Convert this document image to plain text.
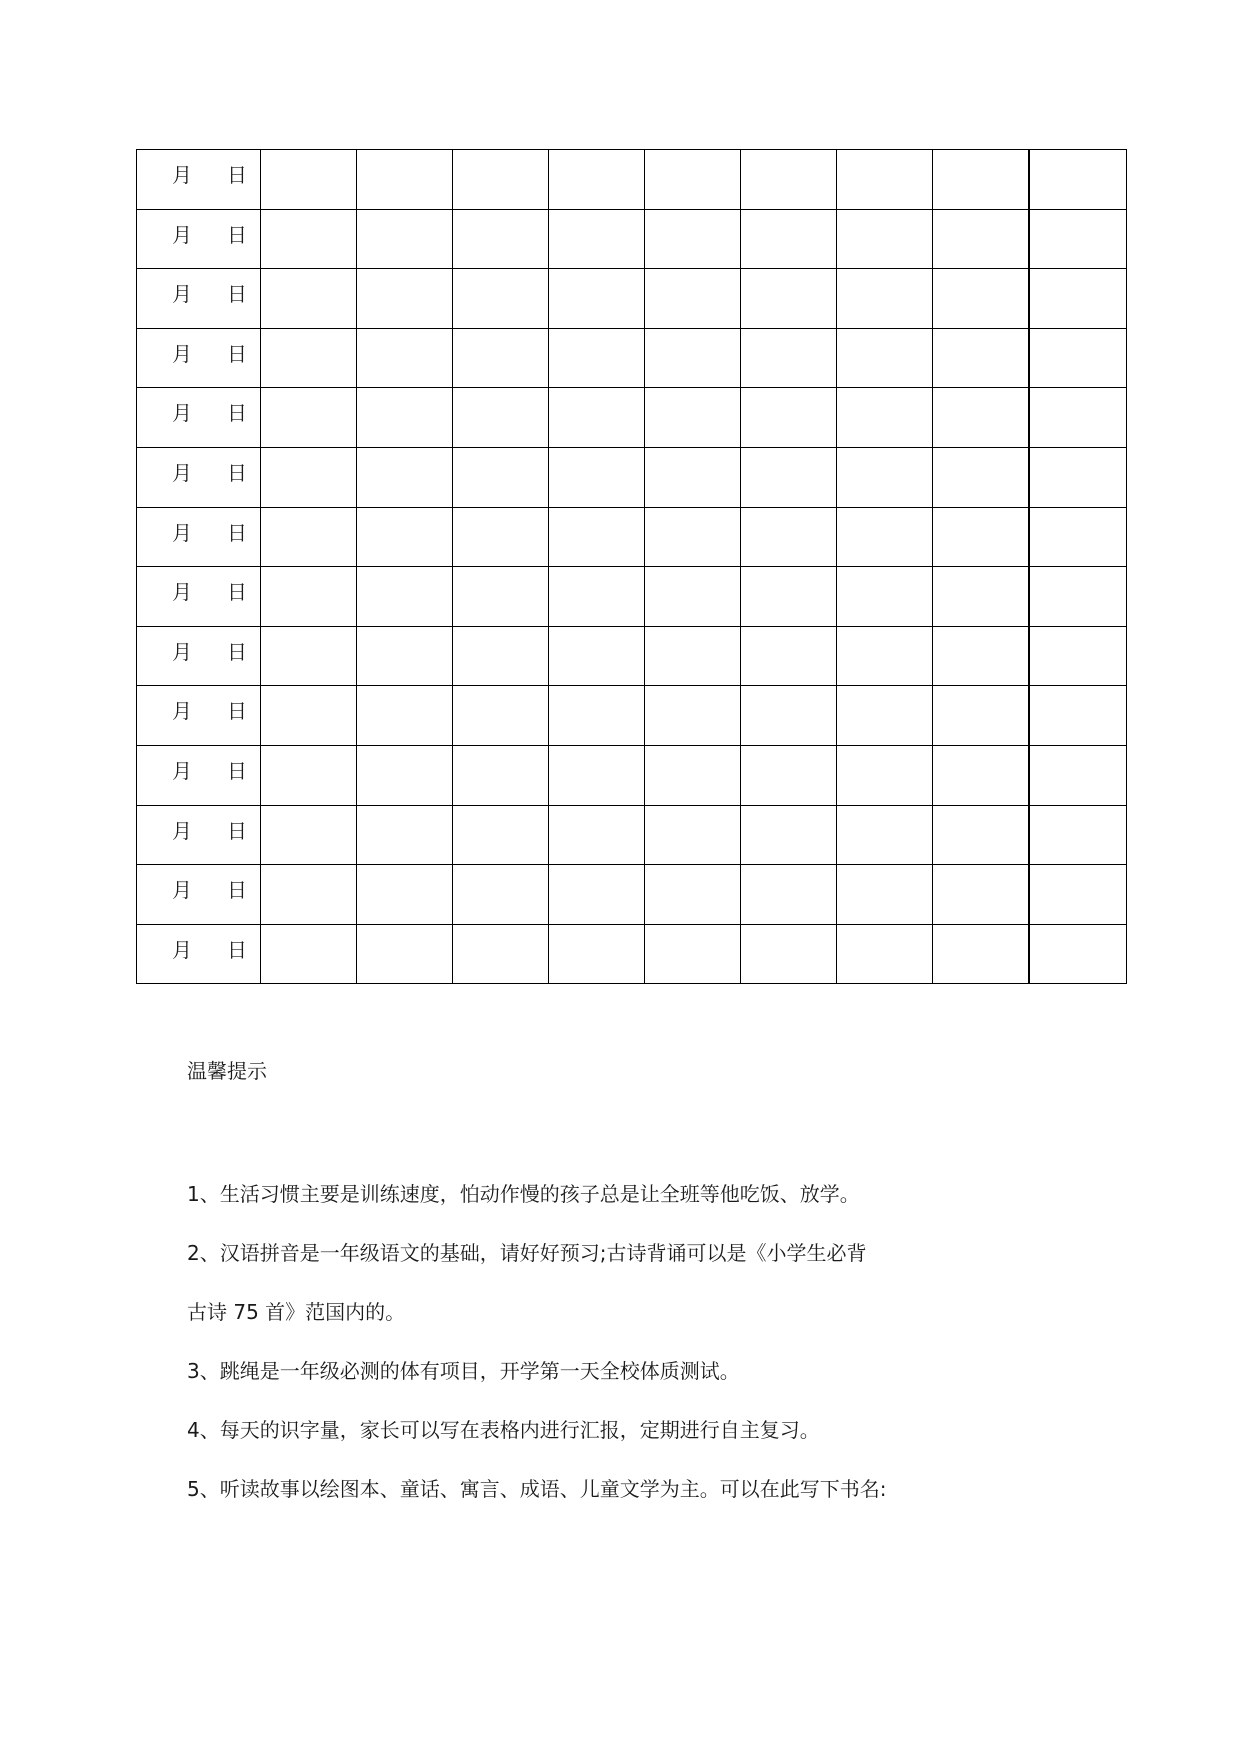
月 日									

月 日									

月 日									

月 日									

月 日									

月 日									

月 日									

月 日									

月 日									

月 日									

月 日									

月 日									

月 日									

月 日									

温馨提示
1、生活习惯主要是训练速度，怕动作慢的孩子总是让全班等他吃饭、放学。
2、汉语拼音是一年级语文的基础，请好好预习;古诗背诵可以是《小学生必背
古诗 75 首》范国内的。
3、跳绳是一年级必测的体有项目，开学第一天全校体质测试。
4、每天的识字量，家长可以写在表格内进行汇报，定期进行自主复习。
5、听读故事以绘图本、童话、寓言、成语、儿童文学为主。可以在此写下书名:
